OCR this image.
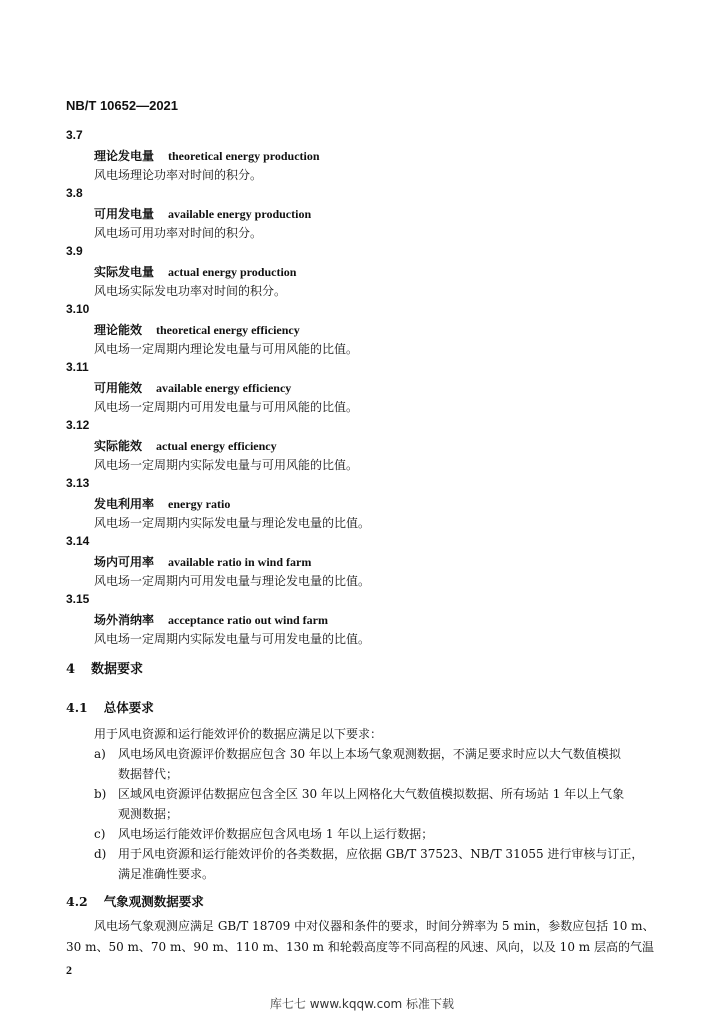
NB/T 10652—2021
3.7
理论发电量 theoretical energy production
风电场理论功率对时间的积分。
3.8
可用发电量 available energy production
风电场可用功率对时间的积分。
3.9
实际发电量 actual energy production
风电场实际发电功率对时间的积分。
3.10
理论能效 theoretical energy efficiency
风电场一定周期内理论发电量与可用风能的比值。
3.11
可用能效 available energy efficiency
风电场一定周期内可用发电量与可用风能的比值。
3.12
实际能效 actual energy efficiency
风电场一定周期内实际发电量与可用风能的比值。
3.13
发电利用率 energy ratio
风电场一定周期内实际发电量与理论发电量的比值。
3.14
场内可用率 available ratio in wind farm
风电场一定周期内可用发电量与理论发电量的比值。
3.15
场外消纳率 acceptance ratio out wind farm
风电场一定周期内实际发电量与可用发电量的比值。
4 数据要求
4.1 总体要求
用于风电资源和运行能效评价的数据应满足以下要求：
a) 风电场风电资源评价数据应包含 30 年以上本场气象观测数据，不满足要求时应以大气数值模拟
数据替代；
b) 区域风电资源评估数据应包含全区 30 年以上网格化大气数值模拟数据、所有场站 1 年以上气象
观测数据；
c) 风电场运行能效评价数据应包含风电场 1 年以上运行数据；
d) 用于风电资源和运行能效评价的各类数据，应依据 GB/T 37523、NB/T 31055 进行审核与订正，
满足准确性要求。
4.2 气象观测数据要求
风电场气象观测应满足 GB/T 18709 中对仪器和条件的要求，时间分辨率为 5 min，参数应包括 10 m、
30 m、50 m、70 m、90 m、110 m、130 m 和轮毂高度等不同高程的风速、风向，以及 10 m 层高的气温
2
库七七 www.kqqw.com 标准下载
